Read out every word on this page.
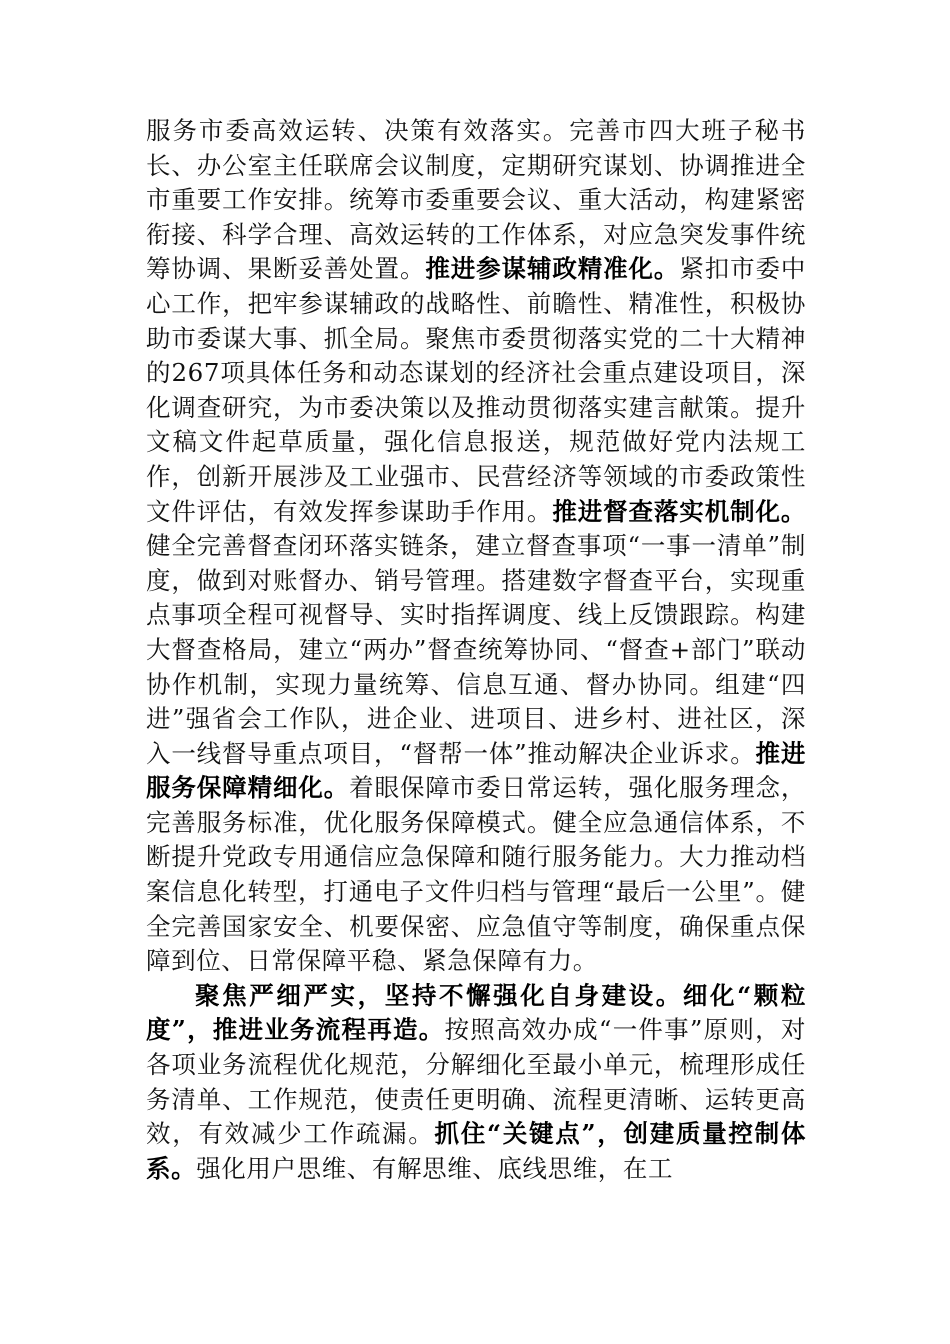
服务市委高效运转、决策有效落实。完善市四大班子秘书长、办公室主任联席会议制度，定期研究谋划、协调推进全市重要工作安排。统筹市委重要会议、重大活动，构建紧密衔接、科学合理、高效运转的工作体系，对应急突发事件统筹协调、果断妥善处置。推进参谋辅政精准化。紧扣市委中心工作，把牢参谋辅政的战略性、前瞻性、精准性，积极协助市委谋大事、抓全局。聚焦市委贯彻落实党的二十大精神的267项具体任务和动态谋划的经济社会重点建设项目，深化调查研究，为市委决策以及推动贯彻落实建言献策。提升文稿文件起草质量，强化信息报送，规范做好党内法规工作，创新开展涉及工业强市、民营经济等领域的市委政策性文件评估，有效发挥参谋助手作用。推进督查落实机制化。健全完善督查闭环落实链条，建立督查事项“一事一清单”制度，做到对账督办、销号管理。搭建数字督查平台，实现重点事项全程可视督导、实时指挥调度、线上反馈跟踪。构建大督查格局，建立“两办”督查统筹协同、“督查+部门”联动协作机制，实现力量统筹、信息互通、督办协同。组建“四进”强省会工作队，进企业、进项目、进乡村、进社区，深入一线督导重点项目，“督帮一体”推动解决企业诉求。推进服务保障精细化。着眼保障市委日常运转，强化服务理念，完善服务标准，优化服务保障模式。健全应急通信体系，不断提升党政专用通信应急保障和随行服务能力。大力推动档案信息化转型，打通电子文件归档与管理“最后一公里”。健全完善国家安全、机要保密、应急值守等制度，确保重点保障到位、日常保障平稳、紧急保障有力。

聚焦严细严实，坚持不懈强化自身建设。细化“颗粒度”，推进业务流程再造。按照高效办成“一件事”原则，对各项业务流程优化规范，分解细化至最小单元，梳理形成任务清单、工作规范，使责任更明确、流程更清晰、运转更高效，有效减少工作疏漏。抓住“关键点”，创建质量控制体系。强化用户思维、有解思维、底线思维，在工
